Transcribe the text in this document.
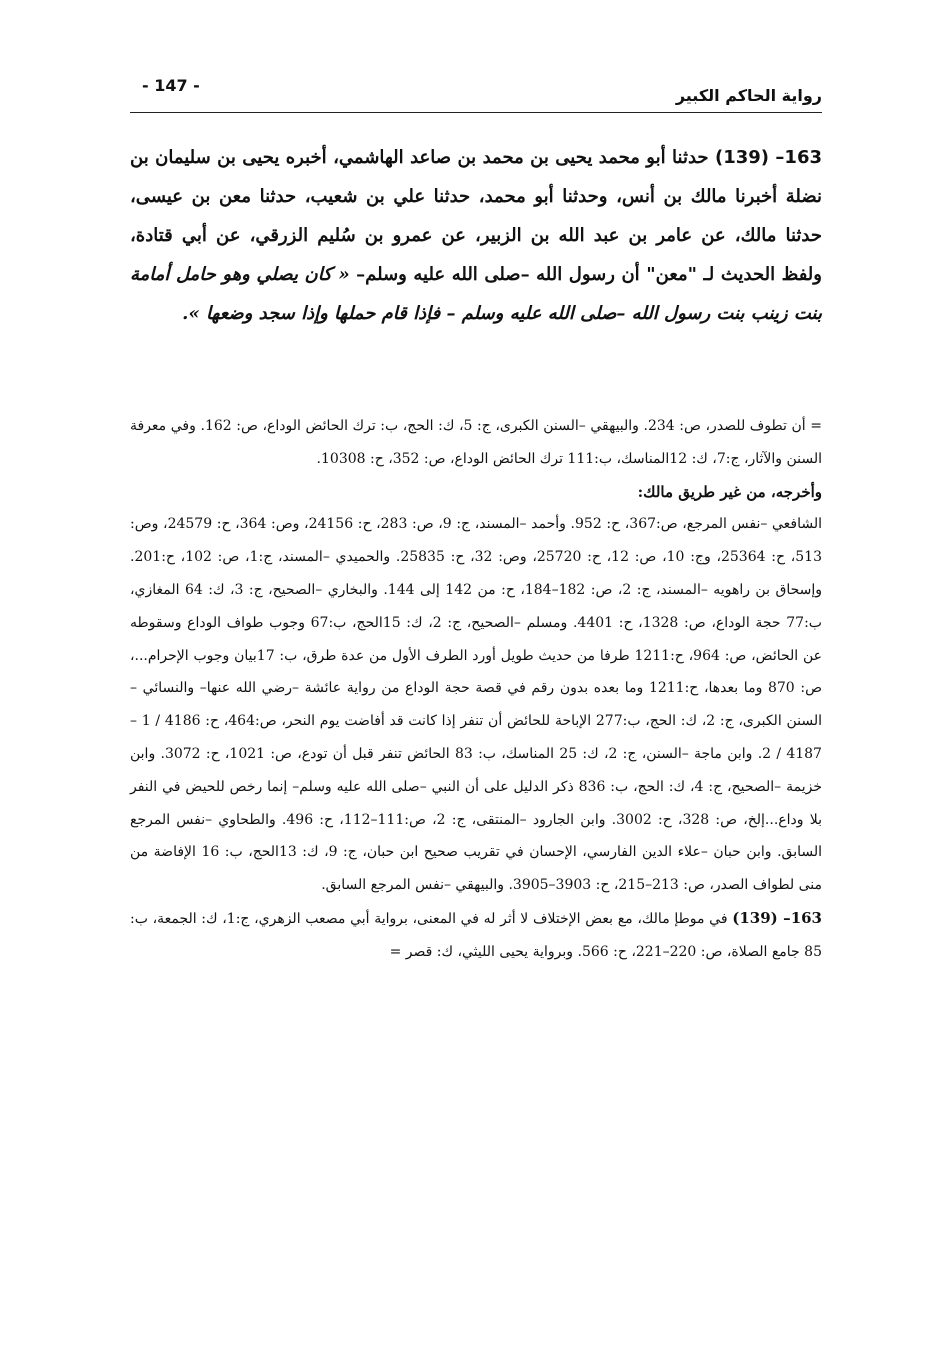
رواية الحاكم الكبير
- 147 -
163– (139) حدثنا أبو محمد يحيى بن محمد بن صاعد الهاشمي، أخبره يحيى بن سليمان بن نضلة أخبرنا مالك بن أنس، وحدثنا أبو محمد، حدثنا علي بن شعيب، حدثنا معن بن عيسى، حدثنا مالك، عن عامر بن عبد الله بن الزبير، عن عمرو بن سُليم الزرقي، عن أبي قتادة، ولفظ الحديث لـ "معن" أن رسول الله –صلى الله عليه وسلم– « كان يصلي وهو حامل أمامة بنت زينب بنت رسول الله –صلى الله عليه وسلم – فإذا قام حملها وإذا سجد وضعها ».

= أن تطوف للصدر، ص: 234. والبيهقي –السنن الكبرى، ج: 5، ك: الحج، ب: ترك الحائض الوداع، ص: 162. وفي معرفة السنن والآثار، ج:7، ك: 12المناسك، ب:111 ترك الحائض الوداع، ص: 352، ح: 10308.

وأخرجه، من غير طريق مالك:

الشافعي –نفس المرجع، ص:367، ح: 952. وأحمد –المسند، ج: 9، ص: 283، ح: 24156، وص: 364، ح: 24579، وص: 513، ح: 25364، وج: 10، ص: 12، ح: 25720، وص: 32، ح: 25835. والحميدي –المسند، ج:1، ص: 102، ح:201. وإسحاق بن راهويه –المسند، ج: 2، ص: 182–184، ح: من 142 إلى 144. والبخاري –الصحيح، ج: 3، ك: 64 المغازي، ب:77 حجة الوداع، ص: 1328، ح: 4401. ومسلم –الصحيح، ج: 2، ك: 15الحج، ب:67 وجوب طواف الوداع وسقوطه عن الحائض، ص: 964، ح:1211 طرفا من حديث طويل أورد الطرف الأول من عدة طرق، ب: 17بيان وجوب الإحرام...، ص: 870 وما بعدها، ح:1211 وما بعده بدون رقم في قصة حجة الوداع من رواية عائشة –رضي الله عنها– والنسائي –السنن الكبرى، ج: 2، ك: الحج، ب:277 الإباحة للحائض أن تنفر إذا كانت قد أفاضت يوم النحر، ص:464، ح: 4186 / 1 –4187 / 2. وابن ماجة –السنن، ج: 2، ك: 25 المناسك، ب: 83 الحائض تنفر قبل أن تودع، ص: 1021، ح: 3072. وابن خزيمة –الصحيح، ج: 4، ك: الحج، ب: 836 ذكر الدليل على أن النبي –صلى الله عليه وسلم– إنما رخص للحيض في النفر بلا وداع...إلخ، ص: 328، ح: 3002. وابن الجارود –المنتقى، ج: 2، ص:111–112، ح: 496. والطحاوي –نفس المرجع السابق. وابن حبان –علاء الدين الفارسي، الإحسان في تقريب صحيح ابن حبان، ج: 9، ك: 13الحج، ب: 16 الإفاضة من منى لطواف الصدر، ص: 213–215، ح: 3903–3905. والبيهقي –نفس المرجع السابق.

163– (139) في موطإ مالك، مع بعض الإختلاف لا أثر له في المعنى، برواية أبي مصعب الزهري، ج:1، ك: الجمعة، ب: 85 جامع الصلاة، ص: 220–221، ح: 566. وبرواية يحيى الليثي، ك: قصر =
